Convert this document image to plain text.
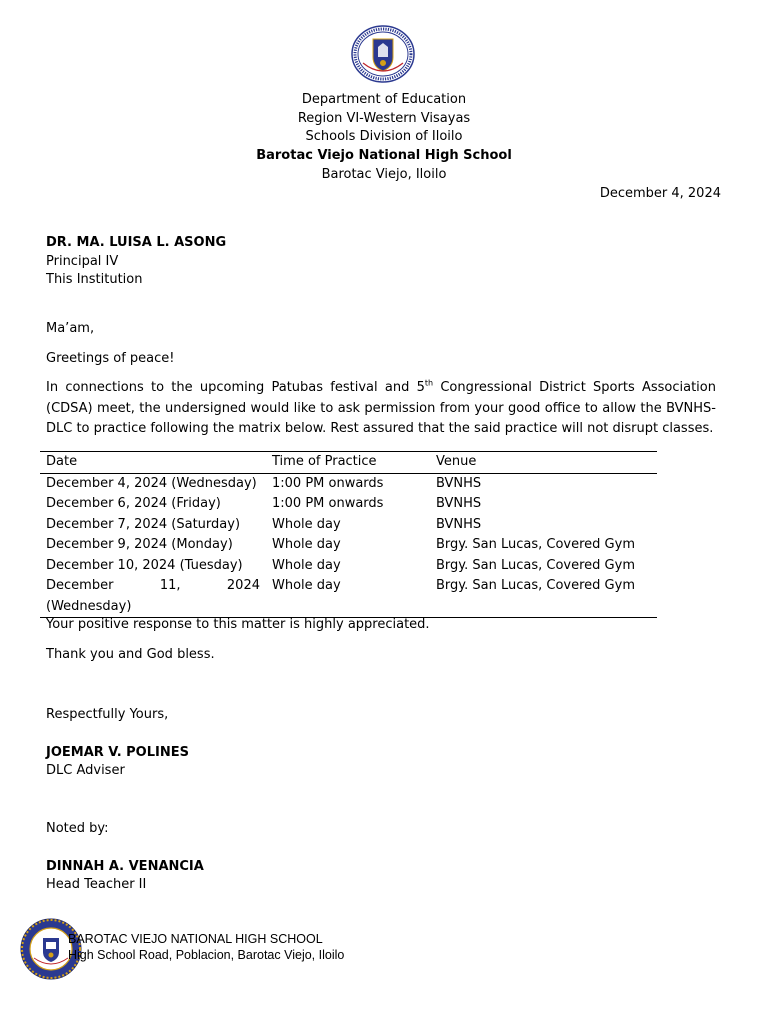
Department of Education
Region VI-Western Visayas
Schools Division of Iloilo
Barotac Viejo National High School
Barotac Viejo, Iloilo
December 4, 2024
DR. MA. LUISA L. ASONG
Principal IV
This Institution
Ma’am,
Greetings of peace!
In connections to the upcoming Patubas festival and 5th Congressional District Sports Association (CDSA) meet, the undersigned would like to ask permission from your good office to allow the BVNHS-DLC to practice following the matrix below. Rest assured that the said practice will not disrupt classes.
Date	Time of Practice	Venue
December 4, 2024 (Wednesday)	1:00 PM onwards	BVNHS
December 6, 2024 (Friday)	1:00 PM onwards	BVNHS
December 7, 2024 (Saturday)	Whole day	BVNHS
December 9, 2024 (Monday)	Whole day	Brgy. San Lucas, Covered Gym
December 10, 2024 (Tuesday)	Whole day	Brgy. San Lucas, Covered Gym

December 11, 2024 (Wednesday)	Whole day	Brgy. San Lucas, Covered Gym
Your positive response to this matter is highly appreciated.
Thank you and God bless.
Respectfully Yours,
JOEMAR V. POLINES
DLC Adviser
Noted by:
DINNAH A. VENANCIA
Head Teacher II
BAROTAC VIEJO NATIONAL HIGH SCHOOL
High School Road, Poblacion, Barotac Viejo, Iloilo
